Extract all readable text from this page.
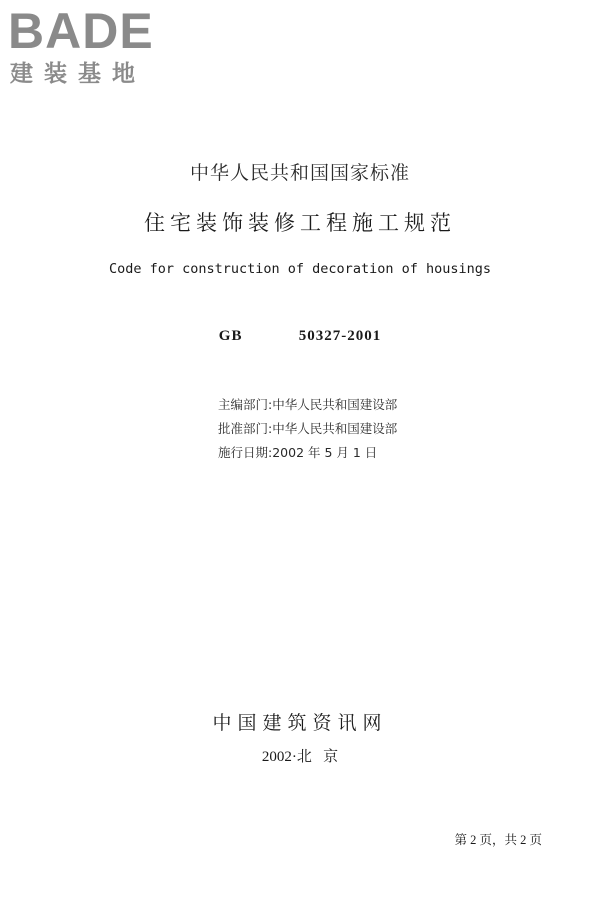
BADE
建装基地
中华人民共和国国家标准
住宅装饰装修工程施工规范
Code for construction of decoration of housings
GB   50327-2001
主编部门:中华人民共和国建设部
批准部门:中华人民共和国建设部
施行日期:2002 年 5 月 1 日
中国建筑资讯网
2002·北   京
第 2 页，共 2 页
